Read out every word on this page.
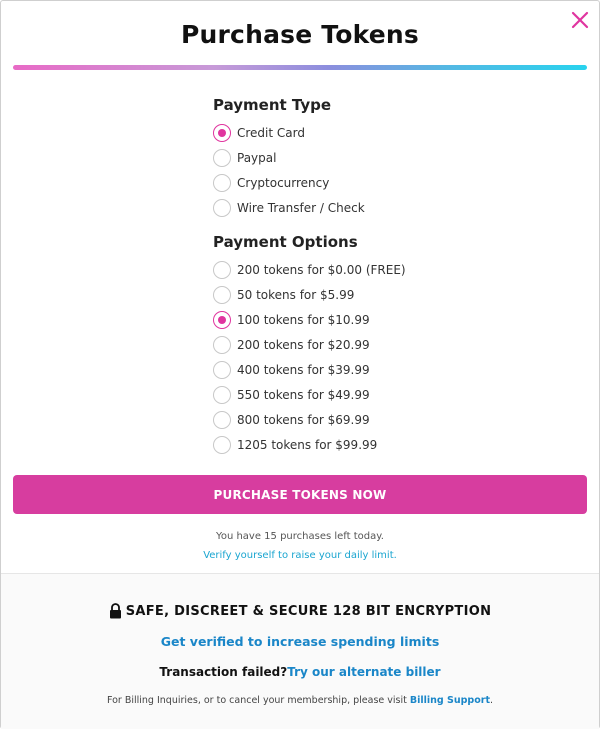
Purchase Tokens
Payment Type
Credit Card
Paypal
Cryptocurrency
Wire Transfer / Check
Payment Options
200 tokens for $0.00 (FREE)
50 tokens for $5.99
100 tokens for $10.99
200 tokens for $20.99
400 tokens for $39.99
550 tokens for $49.99
800 tokens for $69.99
1205 tokens for $99.99
PURCHASE TOKENS NOW
You have 15 purchases left today.
Verify yourself to raise your daily limit.
SAFE, DISCREET & SECURE 128 BIT ENCRYPTION
Get verified to increase spending limits
Transaction failed?Try our alternate biller
For Billing Inquiries, or to cancel your membership, please visit Billing Support.
